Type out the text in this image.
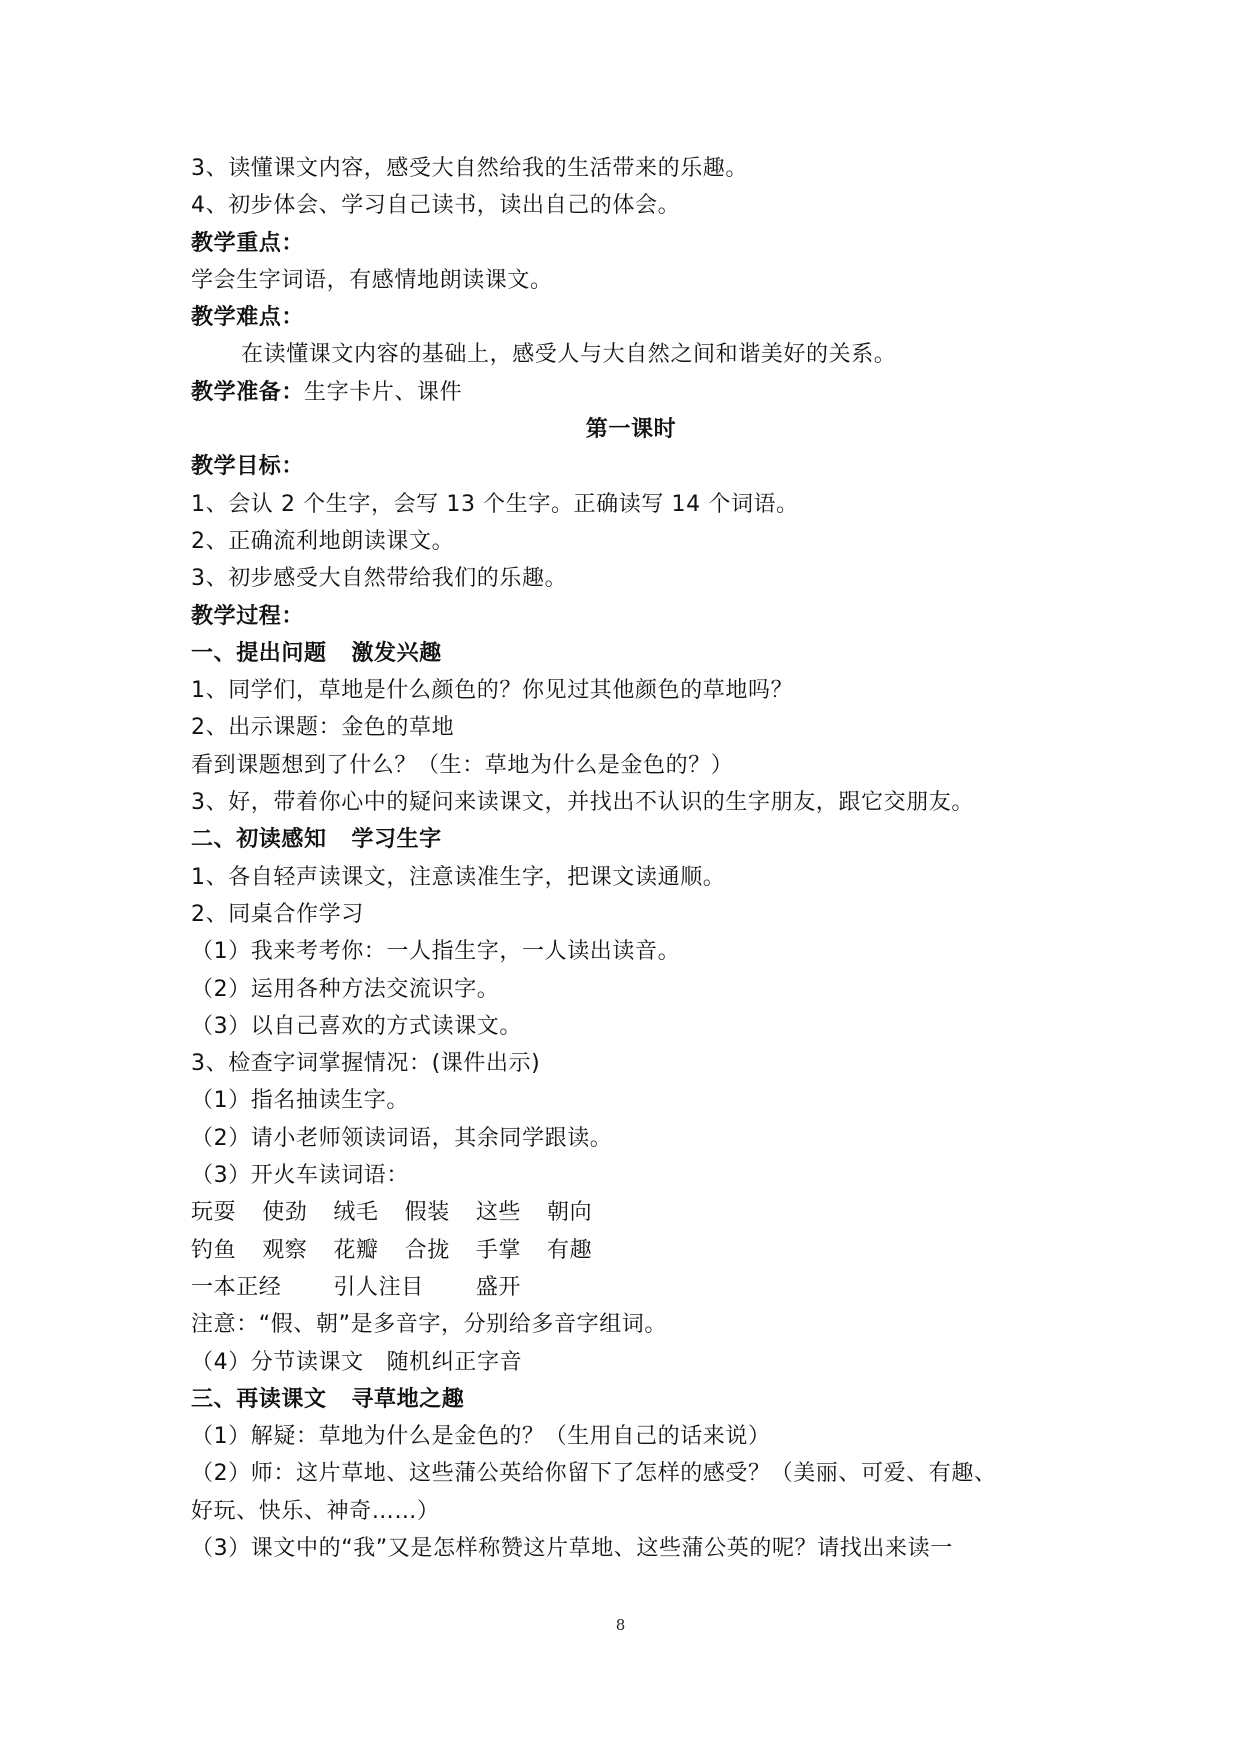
3、读懂课文内容，感受大自然给我的生活带来的乐趣。
4、初步体会、学习自己读书，读出自己的体会。
教学重点：
学会生字词语，有感情地朗读课文。
教学难点：
在读懂课文内容的基础上，感受人与大自然之间和谐美好的关系。
教学准备：生字卡片、课件
第一课时
教学目标：
1、会认 2 个生字，会写 13 个生字。正确读写 14 个词语。
2、正确流利地朗读课文。
3、初步感受大自然带给我们的乐趣。
教学过程：
一、提出问题   激发兴趣
1、同学们，草地是什么颜色的？你见过其他颜色的草地吗？
2、出示课题：金色的草地
看到课题想到了什么？（生：草地为什么是金色的？）
3、好，带着你心中的疑问来读课文，并找出不认识的生字朋友，跟它交朋友。
二、初读感知   学习生字
1、各自轻声读课文，注意读准生字，把课文读通顺。
2、同桌合作学习
（1）我来考考你：一人指生字，一人读出读音。
（2）运用各种方法交流识字。
（3）以自己喜欢的方式读课文。
3、检查字词掌握情况：(课件出示)
（1）指名抽读生字。
（2）请小老师领读词语，其余同学跟读。
（3）开火车读词语：
玩耍 使劲 绒毛 假装 这些 朝向
钓鱼 观察 花瓣 合拢 手掌 有趣
一本正经 引人注目 盛开
注意：“假、朝”是多音字，分别给多音字组词。
（4）分节读课文   随机纠正字音
三、再读课文   寻草地之趣
（1）解疑：草地为什么是金色的？（生用自己的话来说）
（2）师：这片草地、这些蒲公英给你留下了怎样的感受？（美丽、可爱、有趣、
好玩、快乐、神奇……）
（3）课文中的“我”又是怎样称赞这片草地、这些蒲公英的呢？请找出来读一
8
